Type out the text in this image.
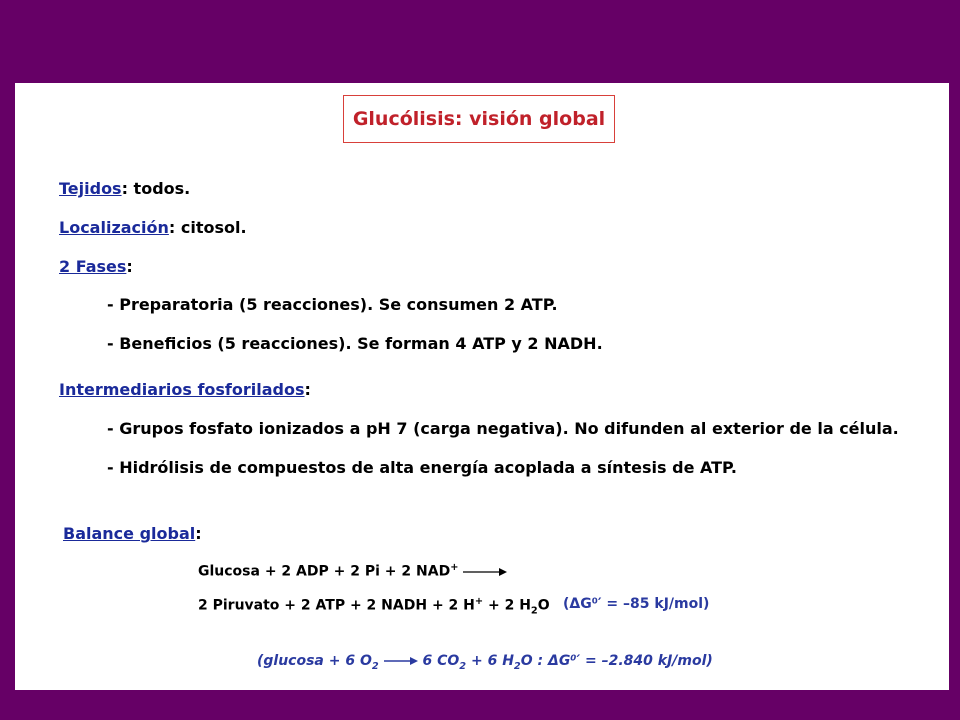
Glucólisis: visión global
Tejidos: todos.
Localización: citosol.
2 Fases:
- Preparatoria (5 reacciones). Se consumen 2 ATP.
- Beneficios (5 reacciones). Se forman 4 ATP y 2 NADH.
Intermediarios fosforilados:
- Grupos fosfato ionizados a pH 7 (carga negativa). No difunden al exterior de la célula.
- Hidrólisis de compuestos de alta energía acoplada a síntesis de ATP.
Balance global:
Glucosa + 2 ADP + 2 Pi + 2 NAD+ →
2 Piruvato + 2 ATP + 2 NADH + 2 H+ + 2 $H_2O$ (ΔG⁰′ = –85 kJ/mol)
(glucosa + 6 $O_2$	6 $CO_2 + 6$ $H_2O$ : ΔG⁰′ = –2.840 kJ/mol)
